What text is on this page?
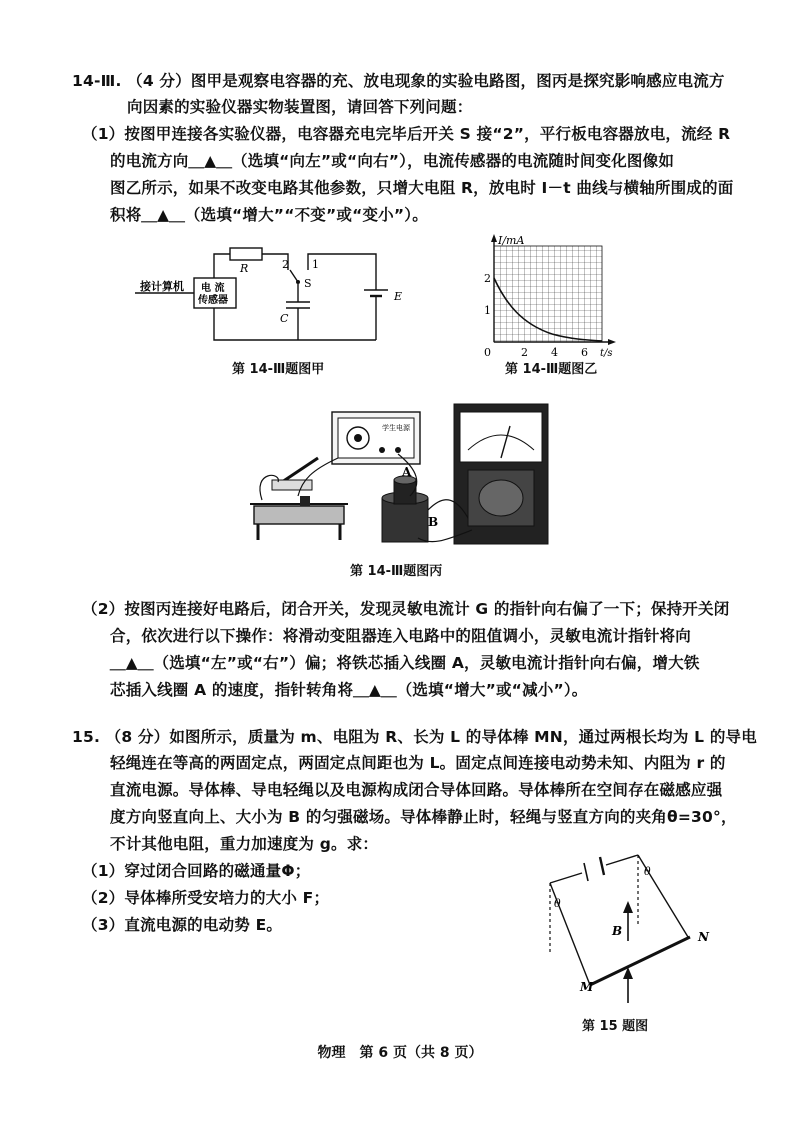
14-Ⅲ. （4 分）图甲是观察电容器的充、放电现象的实验电路图，图丙是探究影响感应电流方
向因素的实验仪器实物装置图，请回答下列问题：
（1）按图甲连接各实验仪器，电容器充电完毕后开关 S 接“2”，平行板电容器放电，流经 R
的电流方向＿▲＿（选填“向左”或“向右”），电流传感器的电流随时间变化图像如
图乙所示，如果不改变电路其他参数，只增大电阻 R，放电时 I－t 曲线与横轴所围成的面
积将＿▲＿（选填“增大”“不变”或“变小”）。
接计算机 电 流
传感器
R	2 1
S
C
E
第 14-Ⅲ题图甲
I/mA
t/s
1
2
0	2 4 6
第 14-Ⅲ题图乙
学生电源
A
B
第 14-Ⅲ题图丙
（2）按图丙连接好电路后，闭合开关，发现灵敏电流计 G 的指针向右偏了一下；保持开关闭
合，依次进行以下操作：将滑动变阻器连入电路中的阻值调小，灵敏电流计指针将向
＿▲＿（选填“左”或“右”）偏；将铁芯插入线圈 A，灵敏电流计指针向右偏，增大铁
芯插入线圈 A 的速度，指针转角将＿▲＿（选填“增大”或“减小”）。
15. （8 分）如图所示，质量为 m、电阻为 R、长为 L 的导体棒 MN，通过两根长均为 L 的导电
轻绳连在等高的两固定点，两固定点间距也为 L。固定点间连接电动势未知、内阻为 r 的
直流电源。导体棒、导电轻绳以及电源构成闭合导体回路。导体棒所在空间存在磁感应强
度方向竖直向上、大小为 B 的匀强磁场。导体棒静止时，轻绳与竖直方向的夹角θ=30°，
不计其他电阻，重力加速度为 g。求：
（1）穿过闭合回路的磁通量Φ；
（2）导体棒所受安培力的大小 F；
（3）直流电源的电动势 E。	B
θ
θ
M
N
第 15 题图
物理　第 6 页（共 8 页）
